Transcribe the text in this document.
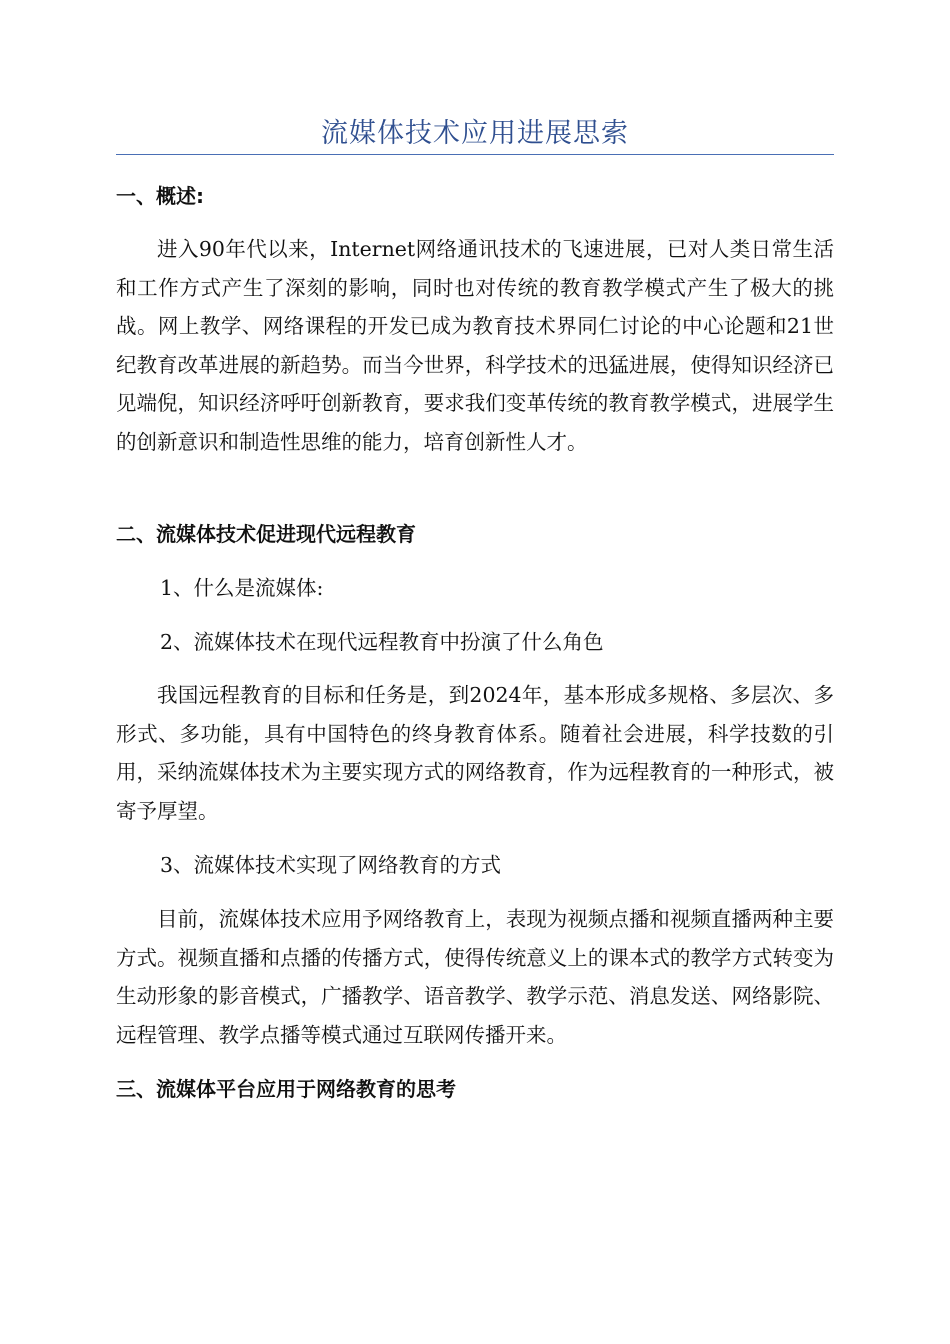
流媒体技术应用进展思索
一、概述:
进入90年代以来，Internet网络通讯技术的飞速进展，已对人类日常生活和工作方式产生了深刻的影响，同时也对传统的教育教学模式产生了极大的挑战。网上教学、网络课程的开发已成为教育技术界同仁讨论的中心论题和21世纪教育改革进展的新趋势。而当今世界，科学技术的迅猛进展，使得知识经济已见端倪，知识经济呼吁创新教育，要求我们变革传统的教育教学模式，进展学生的创新意识和制造性思维的能力，培育创新性人才。
二、流媒体技术促进现代远程教育
1、什么是流媒体:
2、流媒体技术在现代远程教育中扮演了什么角色
我国远程教育的目标和任务是，到2024年，基本形成多规格、多层次、多形式、多功能，具有中国特色的终身教育体系。随着社会进展，科学技数的引用，采纳流媒体技术为主要实现方式的网络教育，作为远程教育的一种形式，被寄予厚望。
3、流媒体技术实现了网络教育的方式
目前，流媒体技术应用予网络教育上，表现为视频点播和视频直播两种主要方式。视频直播和点播的传播方式，使得传统意义上的课本式的教学方式转变为生动形象的影音模式，广播教学、语音教学、教学示范、消息发送、网络影院、远程管理、教学点播等模式通过互联网传播开来。
三、流媒体平台应用于网络教育的思考
